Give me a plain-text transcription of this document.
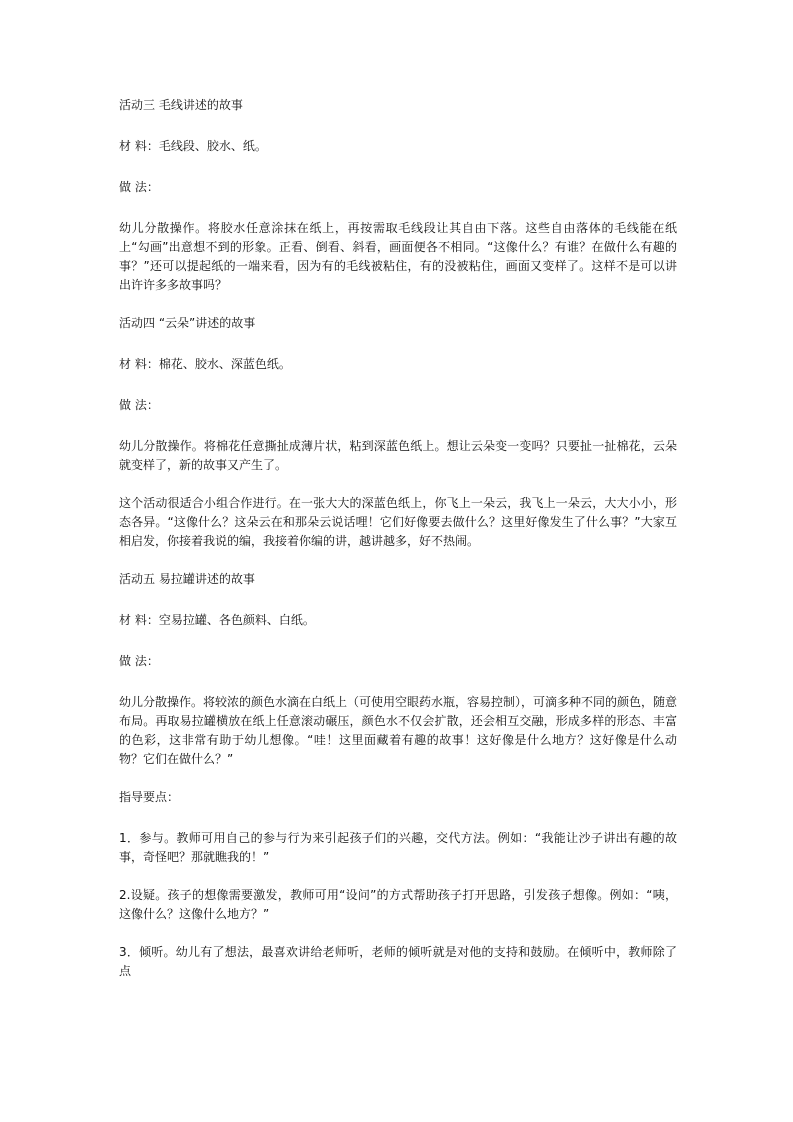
活动三 毛线讲述的故事

材 料：毛线段、胶水、纸。

做 法：

幼儿分散操作。将胶水任意涂抹在纸上，再按需取毛线段让其自由下落。这些自由落体的毛线能在纸上“勾画”出意想不到的形象。正看、倒看、斜看，画面便各不相同。“这像什么？有谁？在做什么有趣的事？”还可以提起纸的一端来看，因为有的毛线被粘住，有的没被粘住，画面又变样了。这样不是可以讲出许许多多故事吗？

活动四 “云朵”讲述的故事

材 料：棉花、胶水、深蓝色纸。

做 法：

幼儿分散操作。将棉花任意撕扯成薄片状，粘到深蓝色纸上。想让云朵变一变吗？只要扯一扯棉花，云朵就变样了，新的故事又产生了。

这个活动很适合小组合作进行。在一张大大的深蓝色纸上，你飞上一朵云，我飞上一朵云，大大小小，形态各异。“这像什么？这朵云在和那朵云说话哩！它们好像要去做什么？这里好像发生了什么事？”大家互相启发，你接着我说的编，我接着你编的讲，越讲越多，好不热闹。

活动五 易拉罐讲述的故事

材 料：空易拉罐、各色颜料、白纸。

做 法：

幼儿分散操作。将较浓的颜色水滴在白纸上（可使用空眼药水瓶，容易控制），可滴多种不同的颜色，随意布局。再取易拉罐横放在纸上任意滚动碾压，颜色水不仅会扩散，还会相互交融，形成多样的形态、丰富的色彩，这非常有助于幼儿想像。“哇！这里面藏着有趣的故事！这好像是什么地方？这好像是什么动物？它们在做什么？”

指导要点：

1．参与。教师可用自己的参与行为来引起孩子们的兴趣，交代方法。例如：“我能让沙子讲出有趣的故事，奇怪吧？那就瞧我的！”

2.设疑。孩子的想像需要激发，教师可用“设问”的方式帮助孩子打开思路，引发孩子想像。例如：“咦，这像什么？这像什么地方？”

3．倾听。幼儿有了想法，最喜欢讲给老师听，老师的倾听就是对他的支持和鼓励。在倾听中，教师除了点
